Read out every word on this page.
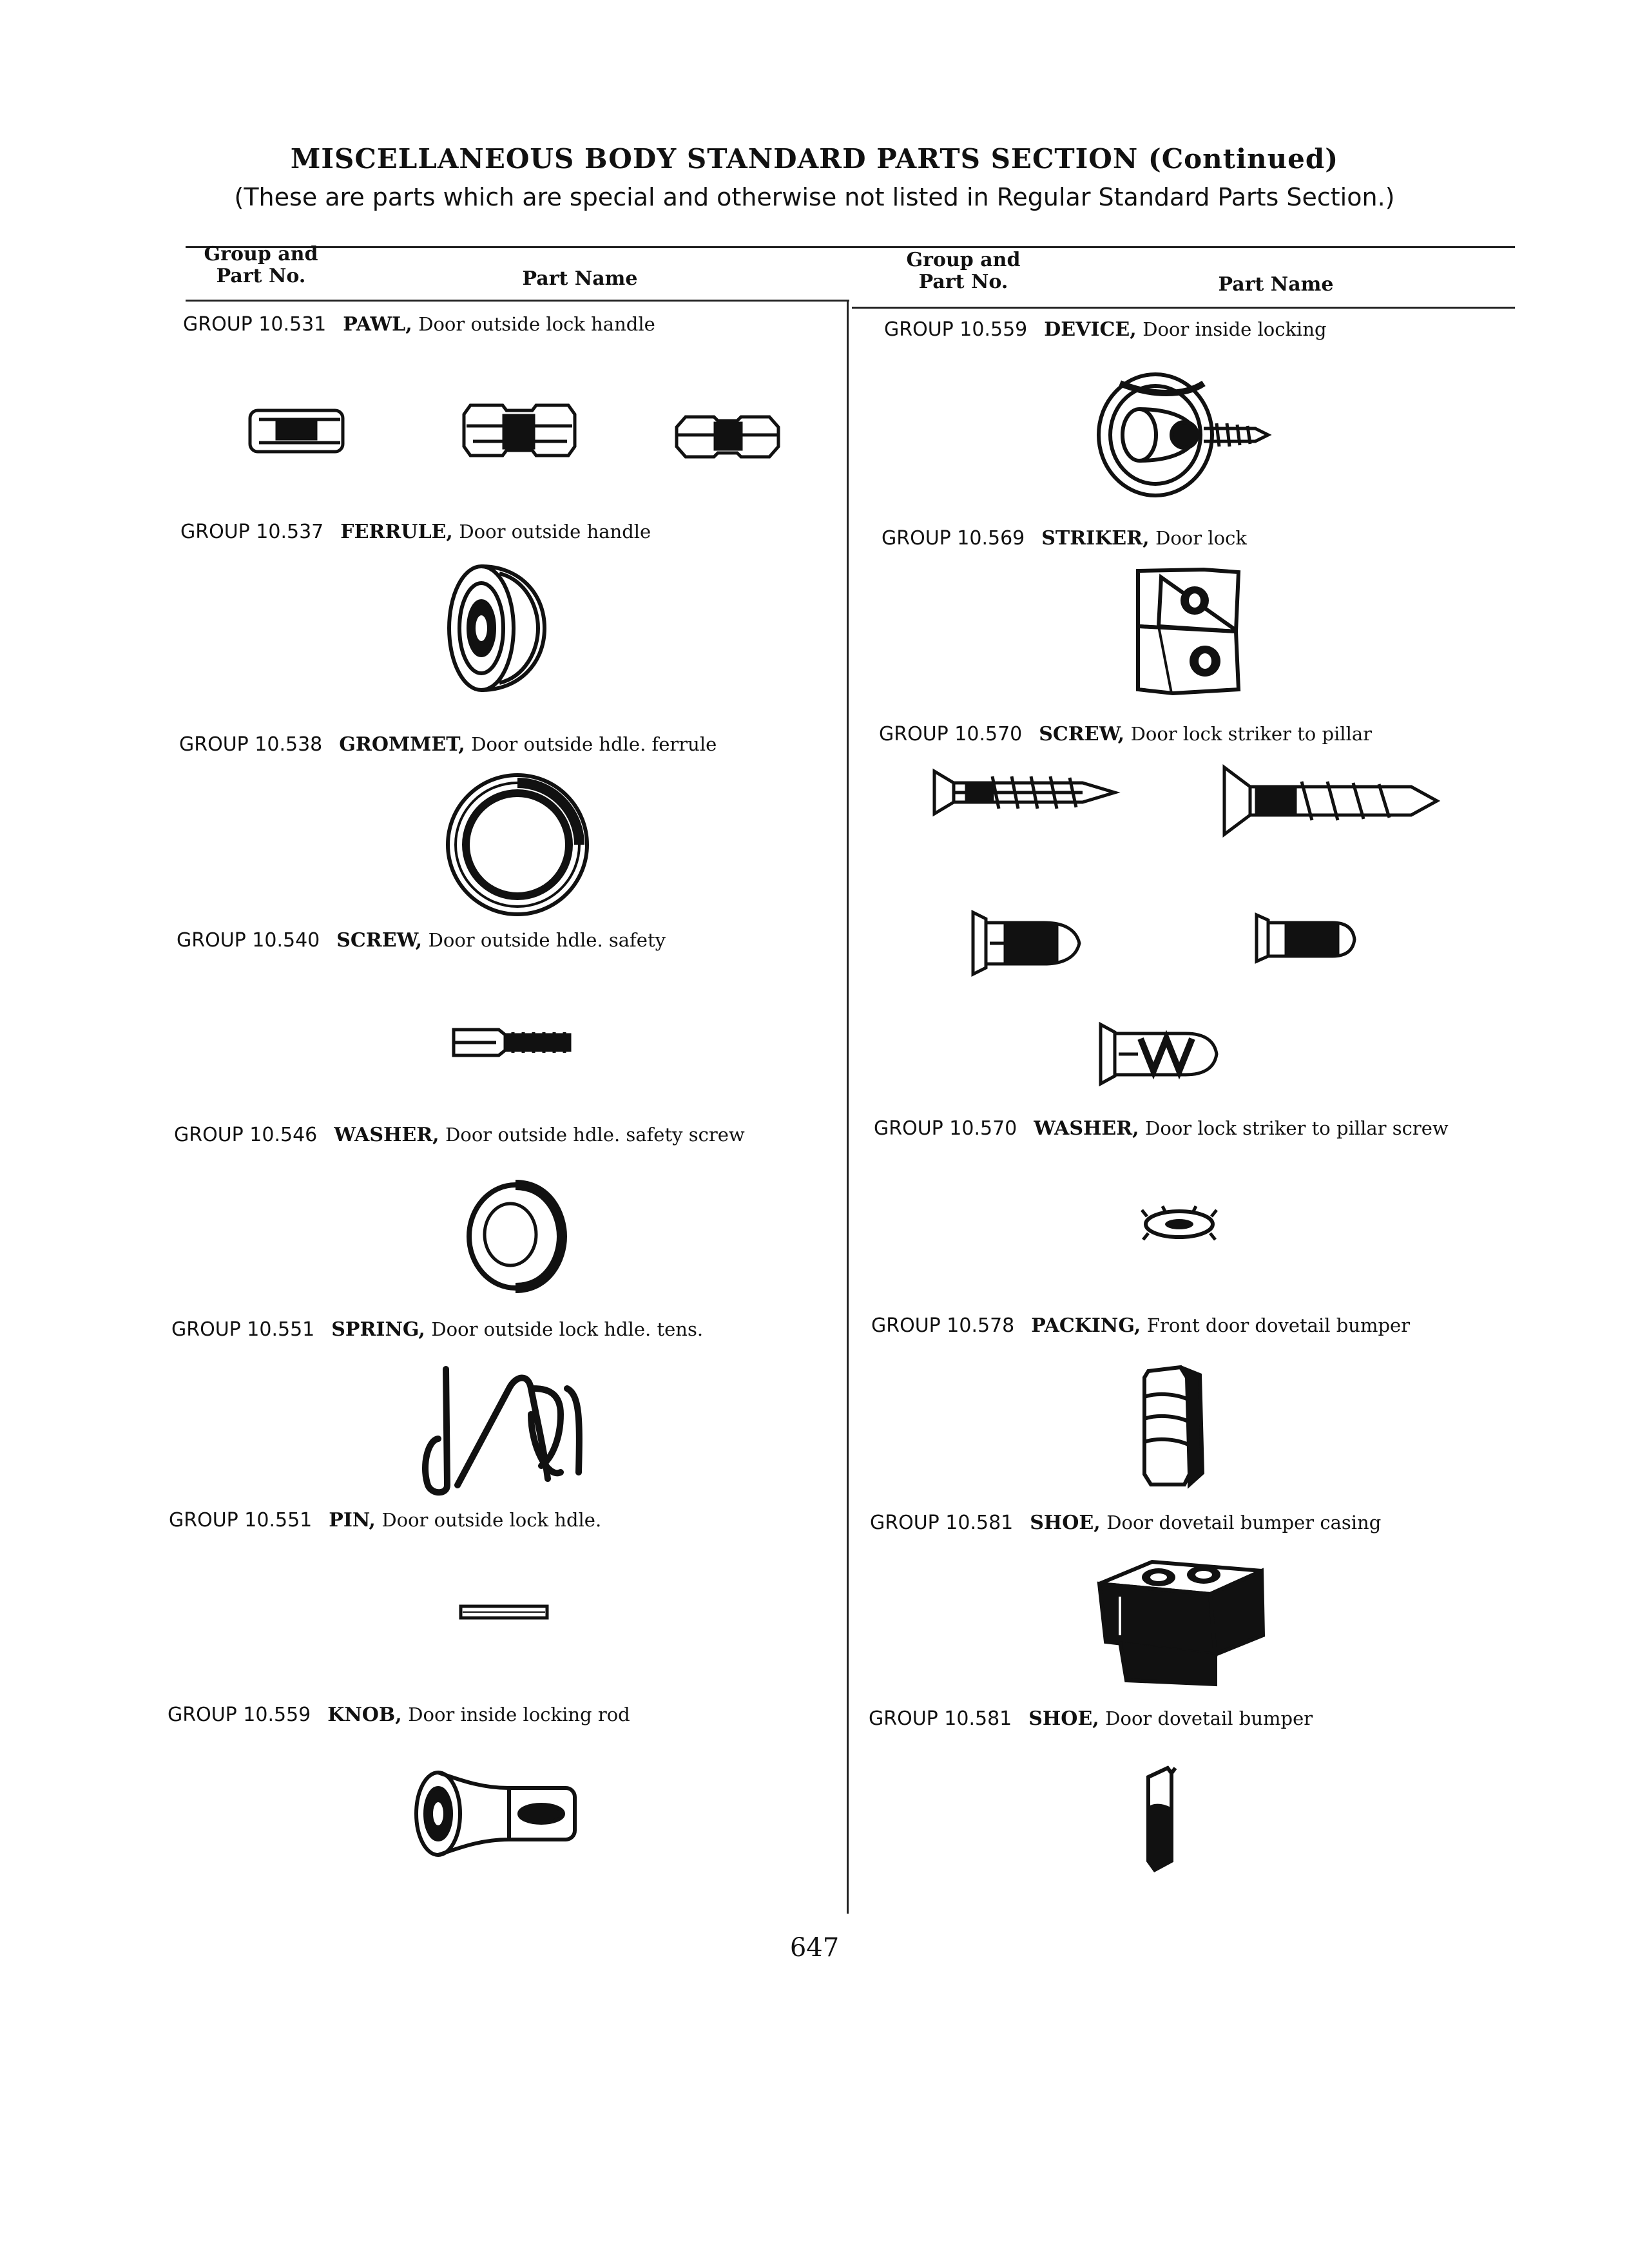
MISCELLANEOUS BODY STANDARD PARTS SECTION (Continued)
(These are parts which are special and otherwise not listed in Regular Standard Parts Section.)
Group and
Part No.	Part Name
Group and
Part No.	Part Name
GROUP 10.531 PAWL, Door outside lock handle
GROUP 10.537 FERRULE, Door outside handle
GROUP 10.538 GROMMET, Door outside hdle. ferrule
GROUP 10.540 SCREW, Door outside hdle. safety
GROUP 10.546 WASHER, Door outside hdle. safety screw
GROUP 10.551 SPRING, Door outside lock hdle. tens.
GROUP 10.551 PIN, Door outside lock hdle.
GROUP 10.559 KNOB, Door inside locking rod
GROUP 10.559 DEVICE, Door inside locking
GROUP 10.569 STRIKER, Door lock
GROUP 10.570 SCREW, Door lock striker to pillar
GROUP 10.570 WASHER, Door lock striker to pillar screw
GROUP 10.578 PACKING, Front door dovetail bumper
GROUP 10.581 SHOE, Door dovetail bumper casing
GROUP 10.581 SHOE, Door dovetail bumper
647
